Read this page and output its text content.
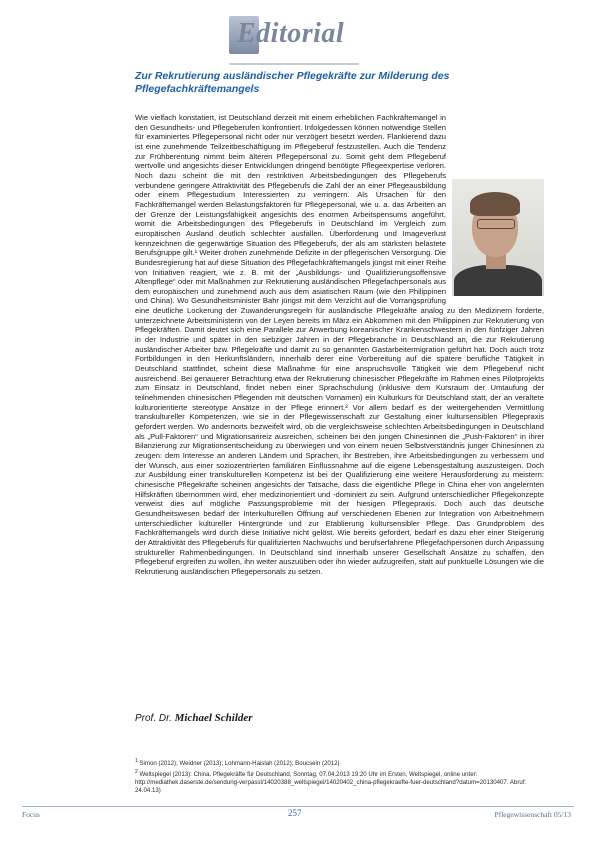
Editorial
Zur Rekrutierung ausländischer Pflegekräfte zur Milderung des Pflegefachkräftemangels

Wie vielfach konstatiert, ist Deutschland derzeit mit einem erheblichen Fachkräftemangel in den Gesundheits- und Pflegeberufen konfrontiert. Infolgedessen können notwendige Stellen für examiniertes Pflegepersonal nicht oder nur verzögert besetzt werden. Flankierend dazu ist eine zunehmende Teilzeitbeschäftigung im Pflegeberuf festzustellen. Auch die Tendenz zur Frühberentung nimmt beim älteren Pflegepersonal zu. Somit geht dem Pflegeberuf wertvolle und angesichts dieser Entwicklungen dringend benötigte Pflegeexpertise verloren. Noch dazu scheint die mit den restriktiven Arbeitsbedingungen des Pflegeberufs verbundene geringere Attraktivität des Pflegeberufs die Zahl der an einer Pflegeausbildung oder einem Pflegestudium Interessierten zu verringern. Als Ursachen für den Fachkräftemangel werden Belastungsfaktoren für Pflegepersonal, wie u. a. das Arbeiten an der Grenze der Leistungsfähigkeit angesichts des enormen Arbeitspensums angeführt, womit die Arbeitsbedingungen des Pflegeberufs in Deutschland im Vergleich zum europäischen Ausland deutlich schlechter ausfallen. Überforderung und Imageverlust kennzeichnen die gegenwärtige Situation des Pflegeberufs, der als am stärksten belastete Berufsgruppe gilt.¹ Weiter drohen zunehmende Defizite in der pflegerischen Versorgung. Die Bundesregierung hat auf diese Situation des Pflegefachkräftemangels jüngst mit einer Reihe von Initiativen reagiert, wie z. B. mit der „Ausbildungs- und Qualifizierungsoffensive Altenpflege“ oder mit Maßnahmen zur Rekrutierung ausländischen Pflegefachpersonals aus dem europäischen und zunehmend auch aus dem asiatischen Raum (wie den Philippinen und China). Wo Gesundheitsminister Bahr jüngst mit dem Verzicht auf die Vorrangsprüfung eine deutliche Lockerung der Zuwanderungsregeln für ausländische Pflegekräfte analog zu den Medizinern forderte, unterzeichnete Arbeitsministerin von der Leyen bereits im März ein Abkommen mit den Philippinen zur Rekrutierung von Pflegekräften. Damit deutet sich eine Parallele zur Anwerbung koreanischer Krankenschwestern in den fünfziger Jahren in der Industrie und später in den siebziger Jahren in der Pflegebranche in Deutschland an, die zur Rekrutierung ausländischer Arbeiter bzw. Pflegekräfte und damit zu so genannten Gastarbeitermigration geführt hat. Doch auch trotz Fortbildungen in den Herkunftsländern, innerhalb derer eine Vorbereitung auf die spätere berufliche Tätigkeit in Deutschland stattfindet, scheint diese Maßnahme für eine anspruchsvolle Tätigkeit wie dem Pflegeberuf nicht ausreichend. Bei genauerer Betrachtung etwa der Rekrutierung chinesischer Pflegekräfte im Rahmen eines Pilotprojekts zum Einsatz in Deutschland, findet neben einer Sprachschulung (inklusive dem Kursraum der Umtaufung der teilnehmenden chinesischen Pflegenden mit deutschen Vornamen) ein Kulturkurs für Deutschland statt, der an veraltete kulturorientierte stereotype Ansätze in der Pflege erinnert.² Vor allem bedarf es der weitergehenden Vermittlung transkultureller Kompetenzen, wie sie in der Pflegewissenschaft zur Gestaltung einer kultursensiblen Pflegepraxis gefordert werden. Wo andernorts bezweifelt wird, ob die vergleichsweise schlechten Arbeitsbedingungen in Deutschland als „Pull-Faktoren“ und Migrationsanreiz ausreichen, scheinen bei den jungen Chinesinnen die „Push-Faktoren“ in ihrer Bilanzierung zur Migrationsentscheidung zu überwiegen und von einem neuen Selbstverständnis junger Chinesinnen zu zeugen: dem Interesse an anderen Ländern und Sprachen, ihr Bestreben, ihre Arbeitsbedingungen zu verbessern und der Wunsch, aus einer soziozentrierten familiären Einflussnahme auf die eigene Lebensgestaltung auszusteigen. Doch zur Ausbildung einer transkulturellen Kompetenz ist bei der Qualifizierung eine weitere Herausforderung zu meistern: chinesische Pflegekräfte scheinen angesichts der Tatsache, dass die eigentliche Pflege in China eher von angelernten Hilfskräften übernommen wird, eher medizinorientiert und -dominiert zu sein. Aufgrund unterschiedlicher Pflegekonzepte verweist dies auf mögliche Passungsprobleme mit der hiesigen Pflegepraxis. Doch auch das deutsche Gesundheitswesen bedarf der Interkulturellen Öffnung auf verschiedenen Ebenen zur Integration von Arbeitnehmern unterschiedlicher kultureller Hintergründe und zur Etablierung kultursensibler Pflege. Das Grundproblem des Fachkräftemangels wird durch diese Initiative nicht gelöst. Wie bereits gefordert, bedarf es dazu eher einer Steigerung der Attraktivität des Pflegeberufs für qualifizierten Nachwuchs und berufserfahrene Pflegefachpersonen durch Anpassung struktureller Rahmenbedingungen. In Deutschland sind innerhalb unserer Gesellschaft Ansätze zu schaffen, den Pflegeberuf ergreifen zu wollen, ihn weiter auszuüben oder ihn wieder aufzugreifen, statt auf punktuelle Lösungen wie die Rekrutierung ausländischen Pflegepersonals zu setzen.

Prof. Dr. Michael Schilder

$^1$ Simon (2012); Weidner (2013); Lohmann-Haislah (2012); Boucsein (2012)

$^2$ Weltspiegel (2013): China. Pflegekräfte für Deutschland, Sonntag, 07.04.2013 19:20 Uhr im Ersten, Weltspiegel, online unter: http://mediathek.daserste.de/sendung-verpasst/14020388_weltspiegel/14020402_china-pflegekraefte-fuer-deutschland?datum=20130407. Abruf: 24.04.13)

Focus	257	Pflegewissenschaft 05/13
